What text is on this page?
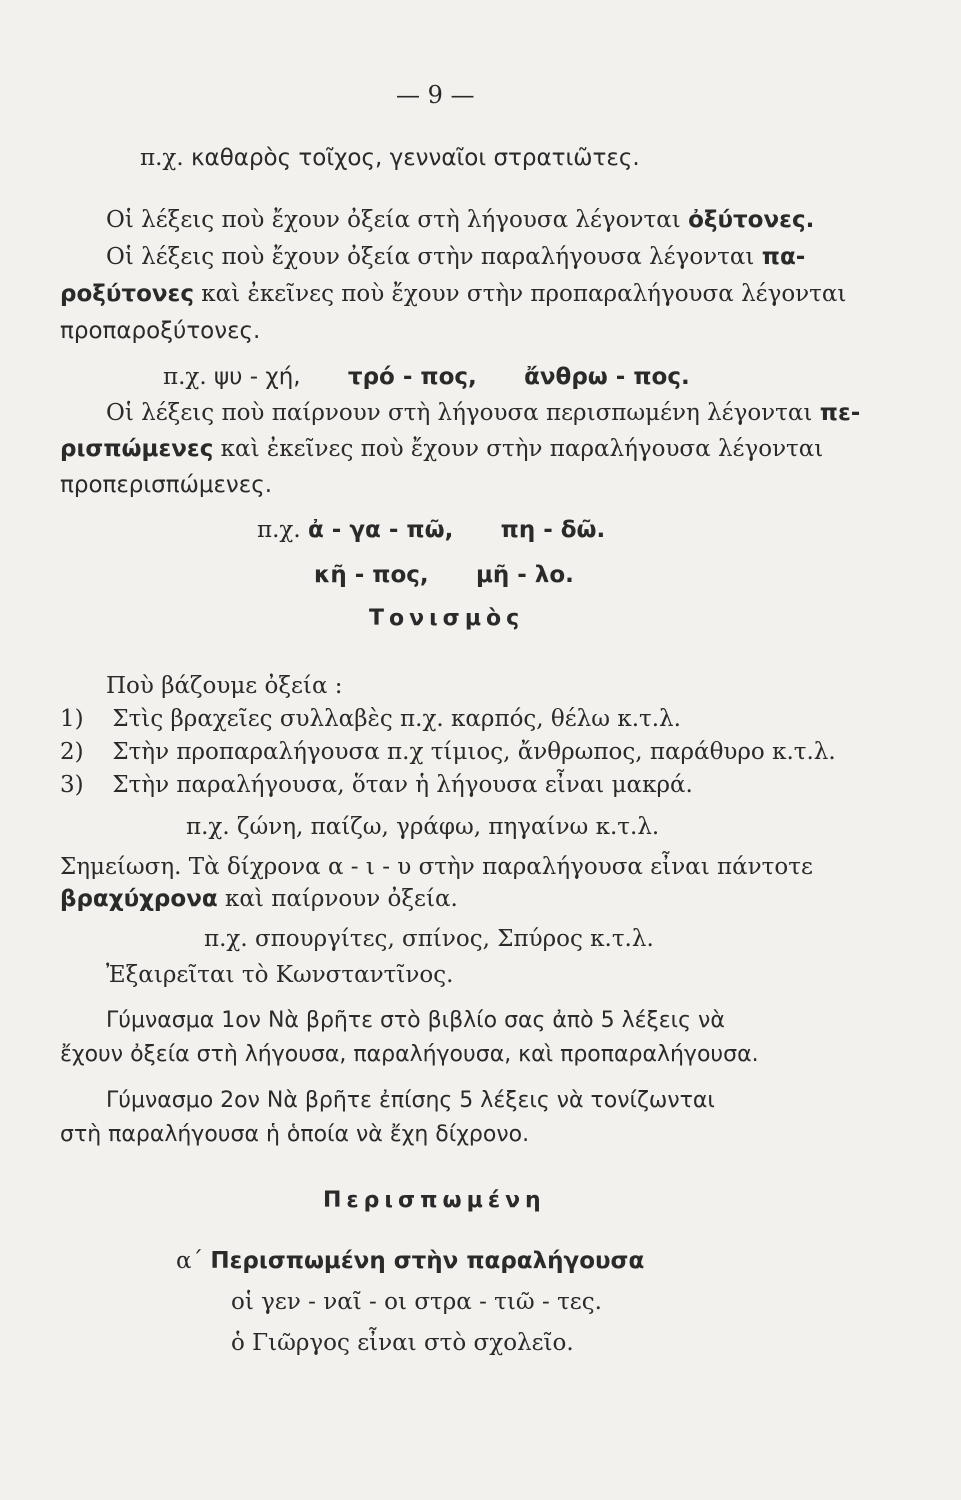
— 9 —
π.χ. καθαρὸς τοῖχος, γενναῖοι στρατιῶτες.
Οἱ λέξεις ποὺ ἔχουν ὀξεία στὴ λήγουσα λέγονται ὀξύτονες.
Οἱ λέξεις ποὺ ἔχουν ὀξεία στὴν παραλήγουσα λέγονται πα-
ροξύτονες καὶ ἐκεῖνες ποὺ ἔχουν στὴν προπαραλήγουσα λέγονται
προπαροξύτονες.
π.χ. ψυ - χή, τρό - πος, ἄνθρω - πος.
Οἱ λέξεις ποὺ παίρνουν στὴ λήγουσα περισπωμένη λέγονται πε-
ρισπώμενες καὶ ἐκεῖνες ποὺ ἔχουν στὴν παραλήγουσα λέγονται
προπερισπώμενες.
π.χ. ἀ - γα - πῶ, πη - δῶ.
κῆ - πος, μῆ - λο.
Τονισμὸς
Ποὺ βάζουμε ὀξεία :
1) Στὶς βραχεῖες συλλαβὲς π.χ. καρπός, θέλω κ.τ.λ.
2) Στὴν προπαραλήγουσα π.χ τίμιος, ἄνθρωπος, παράθυρο κ.τ.λ.
3) Στὴν παραλήγουσα, ὅταν ἡ λήγουσα εἶναι μακρά.
π.χ. ζώνη, παίζω, γράφω, πηγαίνω κ.τ.λ.
Σημείωση. Τὰ δίχρονα α - ι - υ στὴν παραλήγουσα εἶναι πάντοτε
βραχύχρονα καὶ παίρνουν ὀξεία.
π.χ. σπουργίτες, σπίνος, Σπύρος κ.τ.λ.
Ἐξαιρεῖται τὸ Κωνσταντῖνος.
Γύμνασμα 1ον Νὰ βρῆτε στὸ βιβλίο σας ἀπὸ 5 λέξεις νὰ
ἔχουν ὀξεία στὴ λήγουσα, παραλήγουσα, καὶ προπαραλήγουσα.
Γύμνασμο 2ον Νὰ βρῆτε ἐπίσης 5 λέξεις νὰ τονίζωνται
στὴ παραλήγουσα ἡ ὁποία νὰ ἔχη δίχρονο.
Περισπωμένη
α΄ Περισπωμένη στὴν παραλήγουσα
οἱ γεν - ναῖ - οι στρα - τιῶ - τες.
ὁ Γιῶργος εἶναι στὸ σχολεῖο.
